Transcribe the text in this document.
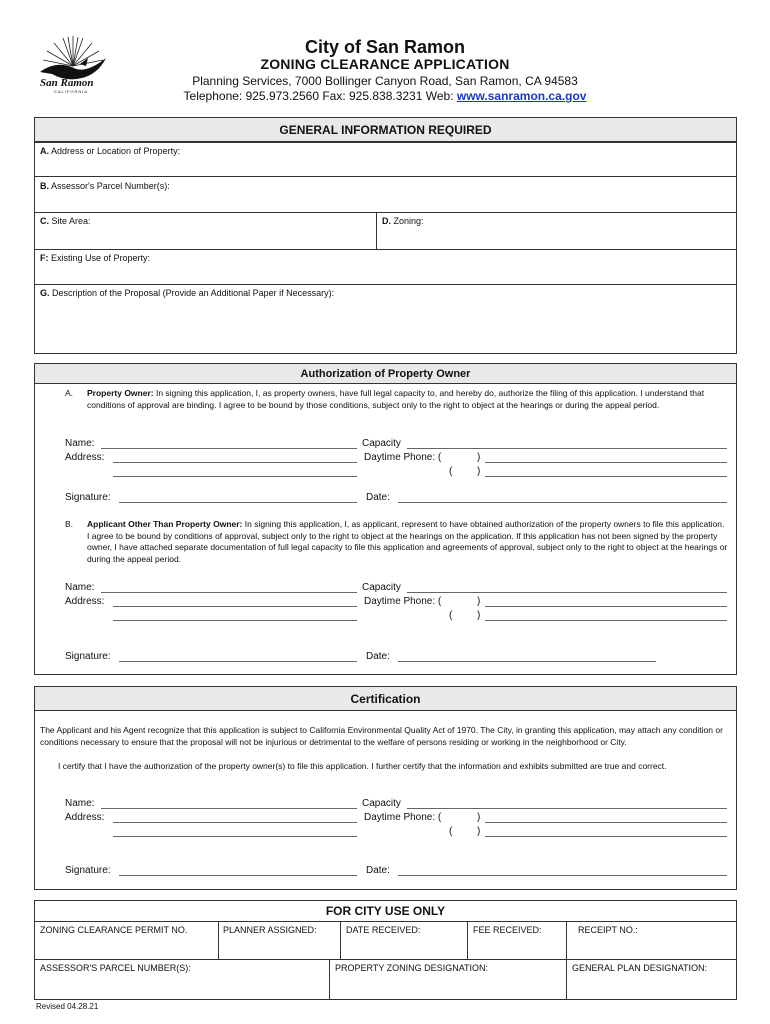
San Ramon
CALIFORNIA
City of San Ramon
ZONING CLEARANCE APPLICATION
Planning Services, 7000 Bollinger Canyon Road, San Ramon, CA 94583
Telephone: 925.973.2560 Fax: 925.838.3231 Web: www.sanramon.ca.gov
GENERAL INFORMATION REQUIRED
A. Address or Location of Property:
B. Assessor's Parcel Number(s):
C. Site Area:	D. Zoning:
F: Existing Use of Property:
G. Description of the Proposal (Provide an Additional Paper if Necessary):
Authorization of Property Owner
A. Property Owner: In signing this application, I, as property owners, have full legal capacity to, and hereby do, authorize the filing of this application. I understand that conditions of approval are binding. I agree to be bound by those conditions, subject only to the right to object at the hearings or during the appeal period.
Name:	Capacity
Address:	Daytime Phone: (	)
( )
Signature:	Date:
B. Applicant Other Than Property Owner: In signing this application, I, as applicant, represent to have obtained authorization of the property owners to file this application. I agree to be bound by conditions of approval, subject only to the right to object at the hearings on the application. If this application has not been signed by the property owner, I have attached separate documentation of full legal capacity to file this application and agreements of approval, subject only to the right to object at the hearings or during the appeal period.
Name:	Capacity
Address:	Daytime Phone: (	)
( )
Signature:	Date:
Certification
The Applicant and his Agent recognize that this application is subject to California Environmental Quality Act of 1970. The City, in granting this application, may attach any condition or conditions necessary to ensure that the proposal will not be injurious or detrimental to the welfare of persons residing or working in the neighborhood or City.
I certify that I have the authorization of the property owner(s) to file this application. I further certify that the information and exhibits submitted are true and correct.
Name:	Capacity
Address:	Daytime Phone: (	)
( )
Signature:	Date:
FOR CITY USE ONLY
ZONING CLEARANCE PERMIT NO.	PLANNER ASSIGNED:	DATE RECEIVED:	FEE RECEIVED:	RECEIPT NO.:
ASSESSOR'S PARCEL NUMBER(S):	PROPERTY ZONING DESIGNATION:	GENERAL PLAN DESIGNATION:
Revised 04.28.21
